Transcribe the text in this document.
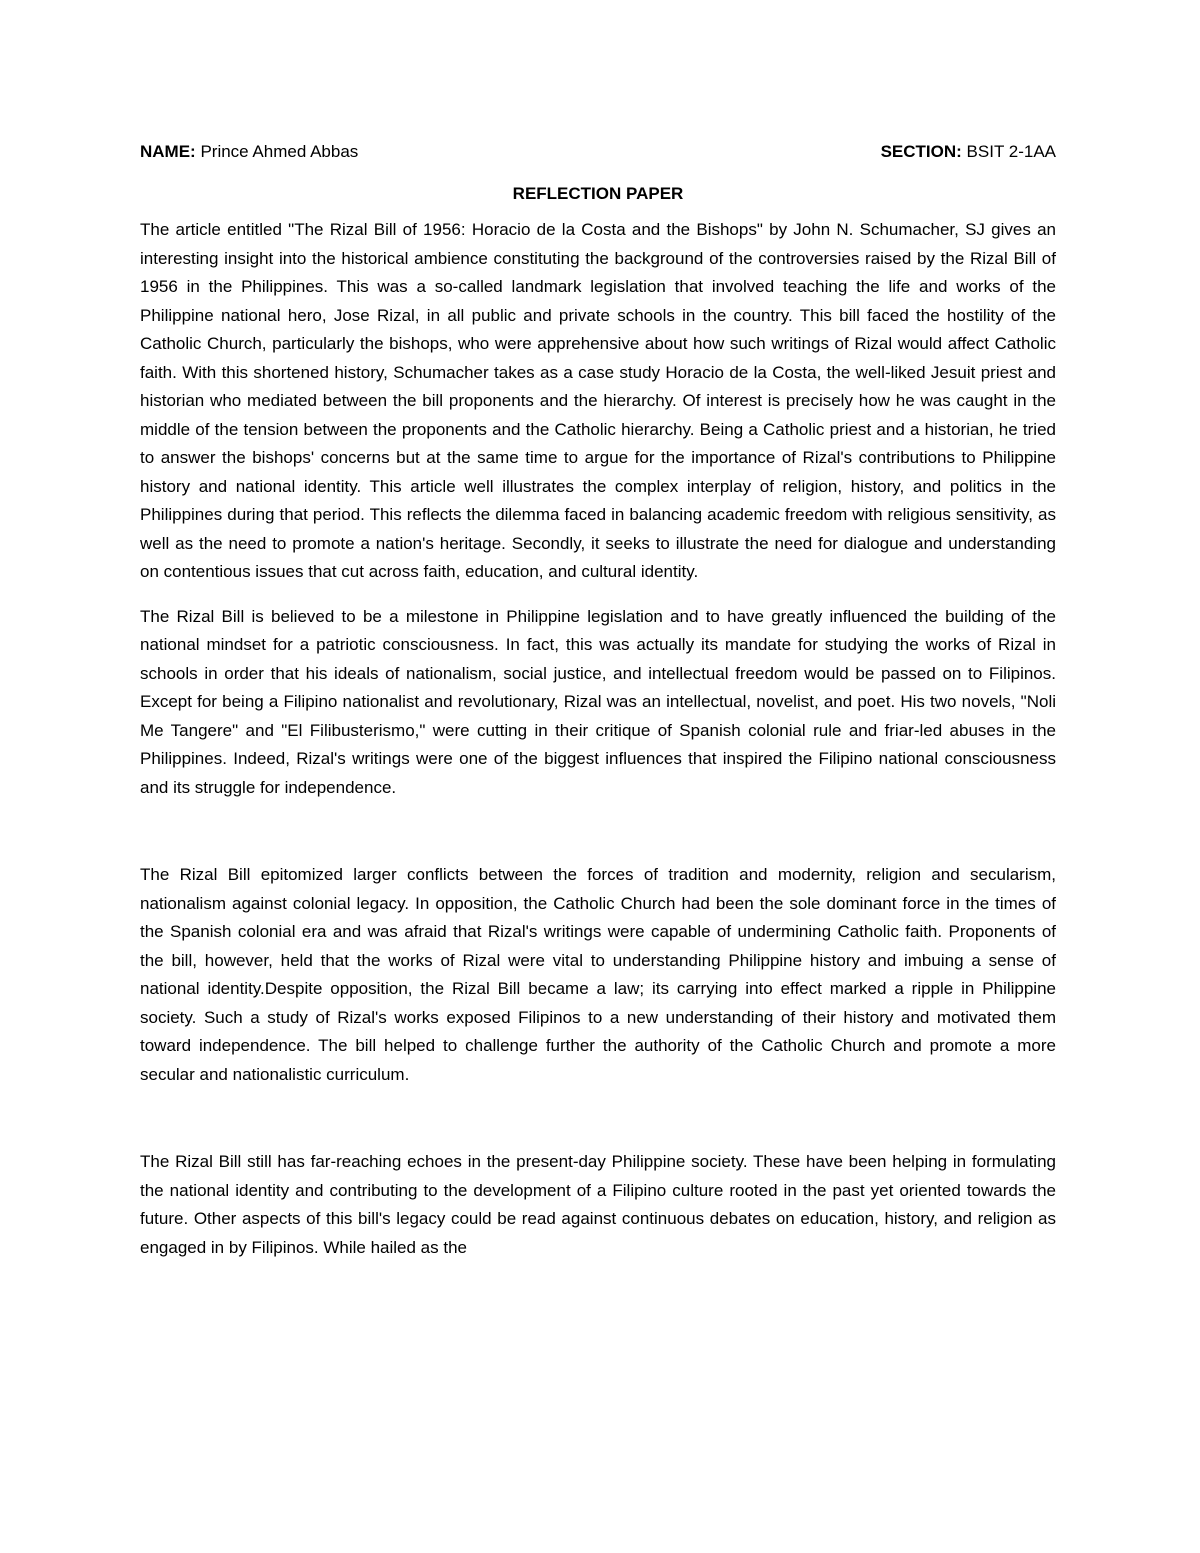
NAME: Prince Ahmed Abbas	SECTION: BSIT 2-1AA
REFLECTION PAPER

The article entitled "The Rizal Bill of 1956: Horacio de la Costa and the Bishops" by John N. Schumacher, SJ gives an interesting insight into the historical ambience constituting the background of the controversies raised by the Rizal Bill of 1956 in the Philippines. This was a so-called landmark legislation that involved teaching the life and works of the Philippine national hero, Jose Rizal, in all public and private schools in the country. This bill faced the hostility of the Catholic Church, particularly the bishops, who were apprehensive about how such writings of Rizal would affect Catholic faith. With this shortened history, Schumacher takes as a case study Horacio de la Costa, the well-liked Jesuit priest and historian who mediated between the bill proponents and the hierarchy. Of interest is precisely how he was caught in the middle of the tension between the proponents and the Catholic hierarchy. Being a Catholic priest and a historian, he tried to answer the bishops' concerns but at the same time to argue for the importance of Rizal's contributions to Philippine history and national identity. This article well illustrates the complex interplay of religion, history, and politics in the Philippines during that period. This reflects the dilemma faced in balancing academic freedom with religious sensitivity, as well as the need to promote a nation's heritage. Secondly, it seeks to illustrate the need for dialogue and understanding on contentious issues that cut across faith, education, and cultural identity.

The Rizal Bill is believed to be a milestone in Philippine legislation and to have greatly influenced the building of the national mindset for a patriotic consciousness. In fact, this was actually its mandate for studying the works of Rizal in schools in order that his ideals of nationalism, social justice, and intellectual freedom would be passed on to Filipinos. Except for being a Filipino nationalist and revolutionary, Rizal was an intellectual, novelist, and poet. His two novels, "Noli Me Tangere" and "El Filibusterismo," were cutting in their critique of Spanish colonial rule and friar-led abuses in the Philippines. Indeed, Rizal's writings were one of the biggest influences that inspired the Filipino national consciousness and its struggle for independence.

The Rizal Bill epitomized larger conflicts between the forces of tradition and modernity, religion and secularism, nationalism against colonial legacy. In opposition, the Catholic Church had been the sole dominant force in the times of the Spanish colonial era and was afraid that Rizal's writings were capable of undermining Catholic faith. Proponents of the bill, however, held that the works of Rizal were vital to understanding Philippine history and imbuing a sense of national identity.Despite opposition, the Rizal Bill became a law; its carrying into effect marked a ripple in Philippine society. Such a study of Rizal's works exposed Filipinos to a new understanding of their history and motivated them toward independence. The bill helped to challenge further the authority of the Catholic Church and promote a more secular and nationalistic curriculum.

The Rizal Bill still has far-reaching echoes in the present-day Philippine society. These have been helping in formulating the national identity and contributing to the development of a Filipino culture rooted in the past yet oriented towards the future. Other aspects of this bill's legacy could be read against continuous debates on education, history, and religion as engaged in by Filipinos. While hailed as the
